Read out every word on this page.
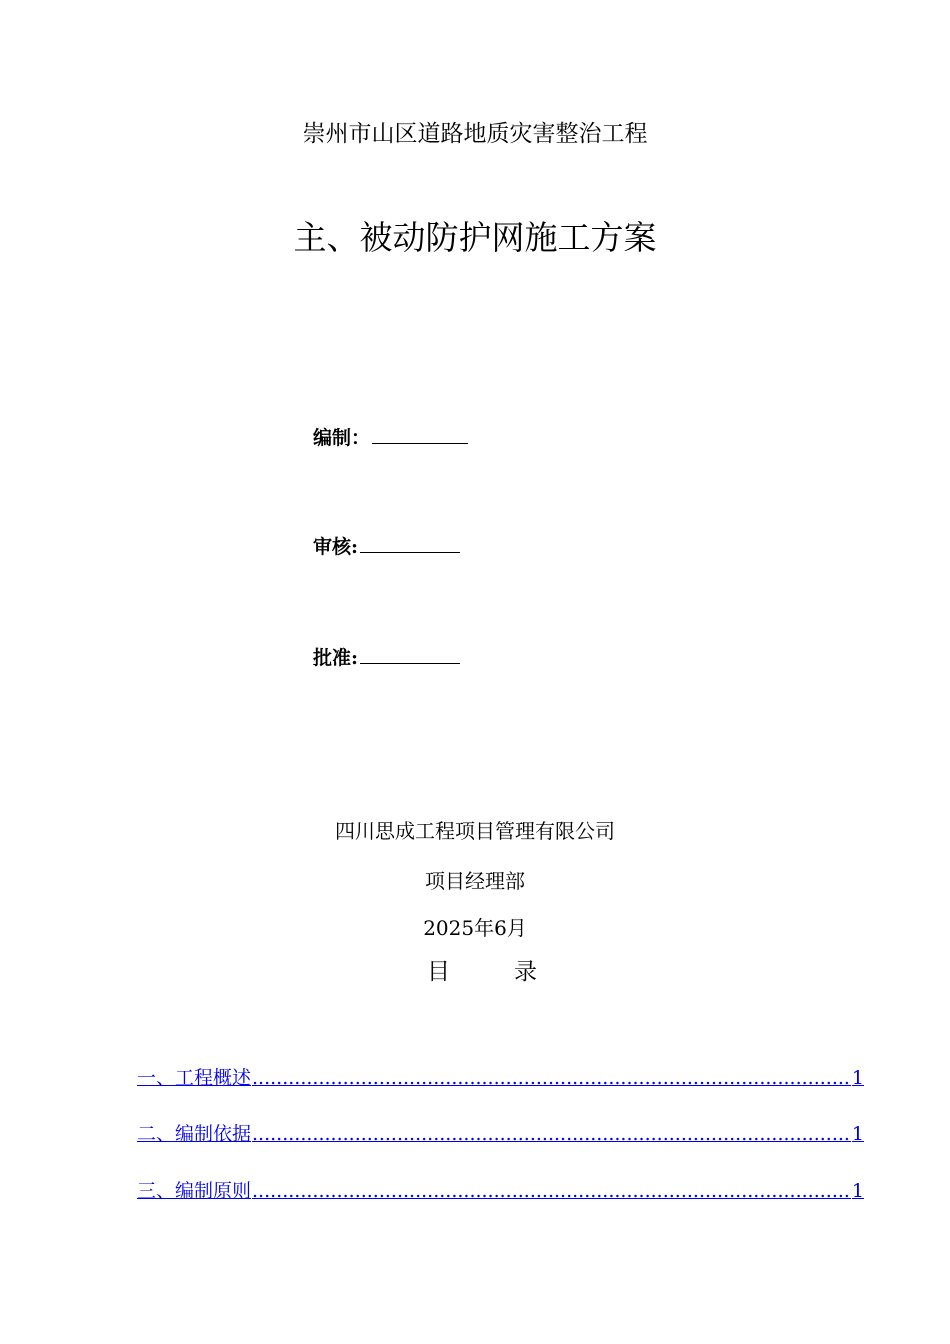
崇州市山区道路地质灾害整治工程
主、被动防护网施工方案
编制：
审核:
批准:
四川思成工程项目管理有限公司
项目经理部
2025年6月
目	录
一、工程概述 .....	1
二、编制依据 .....	1
三、编制原则 .....	1
